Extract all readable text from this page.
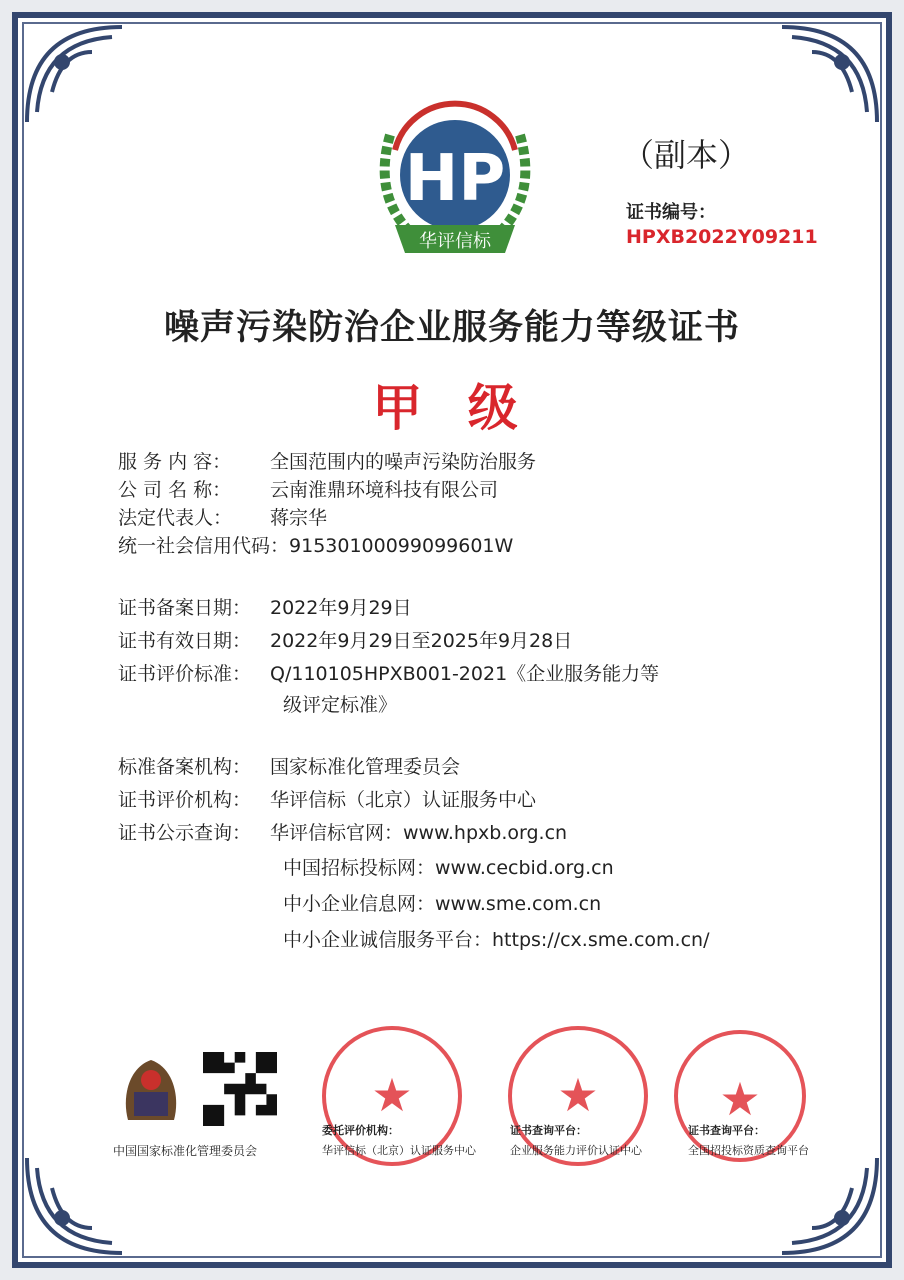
HP
华评信标
（副本）
证书编号：
HPXB2022Y09211
噪声污染防治企业服务能力等级证书
甲 级
服 务 内 容： 全国范围内的噪声污染防治服务
公 司 名 称： 云南淮鼎环境科技有限公司
法定代表人： 蒋宗华
统一社会信用代码：91530100099099601W
证书备案日期： 2022年9月29日
证书有效日期： 2022年9月29日至2025年9月28日
证书评价标准： Q/110105HPXB001-2021《企业服务能力等
级评定标准》
标准备案机构： 国家标准化管理委员会
证书评价机构： 华评信标（北京）认证服务中心
证书公示查询： 华评信标官网：www.hpxb.org.cn
中国招标投标网：www.cecbid.org.cn
中小企业信息网：www.sme.com.cn
中小企业诚信服务平台：https://cx.sme.com.cn/
中国国家标准化管理委员会
★	★	★
委托评价机构：
华评信标（北京）认证服务中心
证书查询平台：
企业服务能力评价认证中心
证书查询平台：
全国招投标资质查询平台
